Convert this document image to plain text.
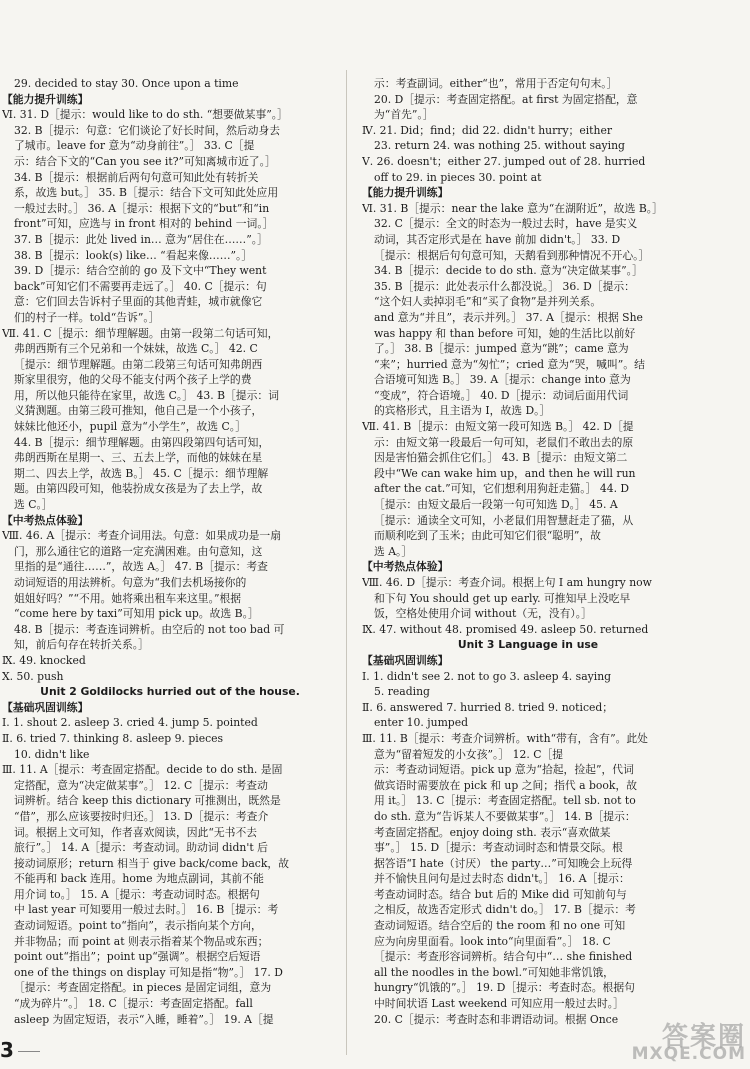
29. decided to stay 30. Once upon a time
【能力提升训练】
Ⅵ. 31. D［提示：would like to do sth. “想要做某事”。］
32. B［提示：句意：它们谈论了好长时间，然后动身去
了城市。leave for 意为“动身前往”。］ 33. C［提
示：结合下文的“Can you see it?”可知离城市近了。］
34. B［提示：根据前后两句句意可知此处有转折关
系，故选 but。］ 35. B［提示：结合下文可知此处应用
一般过去时。］ 36. A［提示：根据下文的“but”和“in
front”可知，应选与 in front 相对的 behind 一词。］
37. B［提示：此处 lived in… 意为“居住在……”。］
38. B［提示：look(s) like… “看起来像……”。］
39. D［提示：结合空前的 go 及下文中“They went
back”可知它们不需要再走远了。］ 40. C［提示：句
意：它们回去告诉村子里面的其他青蛙，城市就像它
们的村子一样。told“告诉”。］
Ⅶ. 41. C［提示：细节理解题。由第一段第二句话可知，
弗朗西斯有三个兄弟和一个妹妹，故选 C。］ 42. C
［提示：细节理解题。由第二段第三句话可知弗朗西
斯家里很穷，他的父母不能支付两个孩子上学的费
用，所以他只能待在家里，故选 C。］ 43. B［提示：词
义猜测题。由第三段可推知，他自己是一个小孩子，
妹妹比他还小，pupil 意为“小学生”，故选 C。］
44. B［提示：细节理解题。由第四段第四句话可知，
弗朗西斯在星期一、三、五去上学，而他的妹妹在星
期二、四去上学，故选 B。］ 45. C［提示：细节理解
题。由第四段可知，他装扮成女孩是为了去上学，故
选 C。］
【中考热点体验】
Ⅷ. 46. A［提示：考查介词用法。句意：如果成功是一扇
门，那么通往它的道路一定充满困难。由句意知，这
里指的是“通往……”，故选 A。］ 47. B［提示：考查
动词短语的用法辨析。句意为“我们去机场接你的
姐姐好吗？”“不用。她将乘出租车来这里。”根据
“come here by taxi”可知用 pick up。故选 B。］
48. B［提示：考查连词辨析。由空后的 not too bad 可
知，前后句存在转折关系。］
Ⅸ. 49. knocked
Ⅹ. 50. push
Unit 2 Goldilocks hurried out of the house.
【基础巩固训练】
Ⅰ. 1. shout 2. asleep 3. cried 4. jump 5. pointed
Ⅱ. 6. tried 7. thinking 8. asleep 9. pieces
10. didn't like
Ⅲ. 11. A［提示：考查固定搭配。decide to do sth. 是固
定搭配，意为“决定做某事”。］ 12. C［提示：考查动
词辨析。结合 keep this dictionary 可推测出，既然是
“借”，那么应该要按时归还。］ 13. D［提示：考查介
词。根据上文可知，作者喜欢阅读，因此“无书不去
旅行”。］ 14. A［提示：考查动词。助动词 didn't 后
接动词原形；return 相当于 give back/come back，故
不能再和 back 连用。home 为地点副词，其前不能
用介词 to。］ 15. A［提示：考查动词时态。根据句
中 last year 可知要用一般过去时。］ 16. B［提示：考
查动词短语。point to“指向”，表示指向某个方向，
并非物品；而 point at 则表示指着某个物品或东西；
point out“指出”；point up“强调”。根据空后短语
one of the things on display 可知是指“物”。］ 17. D
［提示：考查固定搭配。in pieces 是固定词组，意为
“成为碎片”。］ 18. C［提示：考查固定搭配。fall
asleep 为固定短语，表示“入睡，睡着”。］ 19. A［提
示：考查副词。either“也”，常用于否定句句末。］
20. D［提示：考查固定搭配。at first 为固定搭配，意
为“首先”。］
Ⅳ. 21. Did；find；did 22. didn't hurry；either
23. return 24. was nothing 25. without saying
Ⅴ. 26. doesn't；either 27. jumped out of 28. hurried
off to 29. in pieces 30. point at
【能力提升训练】
Ⅵ. 31. B［提示：near the lake 意为“在湖附近”，故选 B。］
32. C［提示：全文的时态为一般过去时，have 是实义
动词，其否定形式是在 have 前加 didn't。］ 33. D
［提示：根据后句句意可知，天鹅看到那种情况不开心。］
34. B［提示：decide to do sth. 意为“决定做某事”。］
35. B［提示：此处表示什么都没说。］ 36. D［提示：
“这个妇人卖掉羽毛”和“买了食物”是并列关系。
and 意为“并且”，表示并列。］ 37. A［提示：根据 She
was happy 和 than before 可知，她的生活比以前好
了。］ 38. B［提示：jumped 意为“跳”；came 意为
“来”；hurried 意为“匆忙”；cried 意为“哭，喊叫”。结
合语境可知选 B。］ 39. A［提示：change into 意为
“变成”，符合语境。］ 40. D［提示：动词后面用代词
的宾格形式，且主语为 I，故选 D。］
Ⅶ. 41. B［提示：由短文第一段可知选 B。］ 42. D［提
示：由短文第一段最后一句可知，老鼠们不敢出去的原
因是害怕猫会抓住它们。］ 43. B［提示：由短文第二
段中“We can wake him up，and then he will run
after the cat.”可知，它们想利用狗赶走猫。］ 44. D
［提示：由短文最后一段第一句可知选 D。］ 45. A
［提示：通读全文可知，小老鼠们用智慧赶走了猫，从
而顺利吃到了玉米；由此可知它们很“聪明”，故
选 A。］
【中考热点体验】
Ⅷ. 46. D［提示：考查介词。根据上句 I am hungry now
和下句 You should get up early. 可推知早上没吃早
饭，空格处使用介词 without（无，没有）。］
Ⅸ. 47. without 48. promised 49. asleep 50. returned
Unit 3 Language in use
【基础巩固训练】
Ⅰ. 1. didn't see 2. not to go 3. asleep 4. saying
5. reading
Ⅱ. 6. answered 7. hurried 8. tried 9. noticed；
enter 10. jumped
Ⅲ. 11. B［提示：考查介词辨析。with“带有，含有”。此处
意为“留着短发的小女孩”。］ 12. C［提
示：考查动词短语。pick up 意为“拾起，捡起”，代词
做宾语时需要放在 pick 和 up 之间；指代 a book，故
用 it。］ 13. C［提示：考查固定搭配。tell sb. not to
do sth. 意为“告诉某人不要做某事”。］ 14. B［提示：
考查固定搭配。enjoy doing sth. 表示“喜欢做某
事”。］ 15. D［提示：考查动词时态和情景交际。根
据答语“I hate（讨厌） the party…”可知晚会上玩得
并不愉快且问句是过去时态 didn't。］ 16. A［提示：
考查动词时态。结合 but 后的 Mike did 可知前句与
之相反，故选否定形式 didn't do。］ 17. B［提示：考
查动词短语。结合空后的 the room 和 no one 可知
应为向房里面看。look into“向里面看”。］ 18. C
［提示：考查形容词辨析。结合句中“… she finished
all the noodles in the bowl.”可知她非常饥饿，
hungry“饥饿的”。］ 19. D［提示：考查时态。根据句
中时间状语 Last weekend 可知应用一般过去时。］
20. C［提示：考查时态和非谓语动词。根据 Once
3	答案圈
MXQE.COM
